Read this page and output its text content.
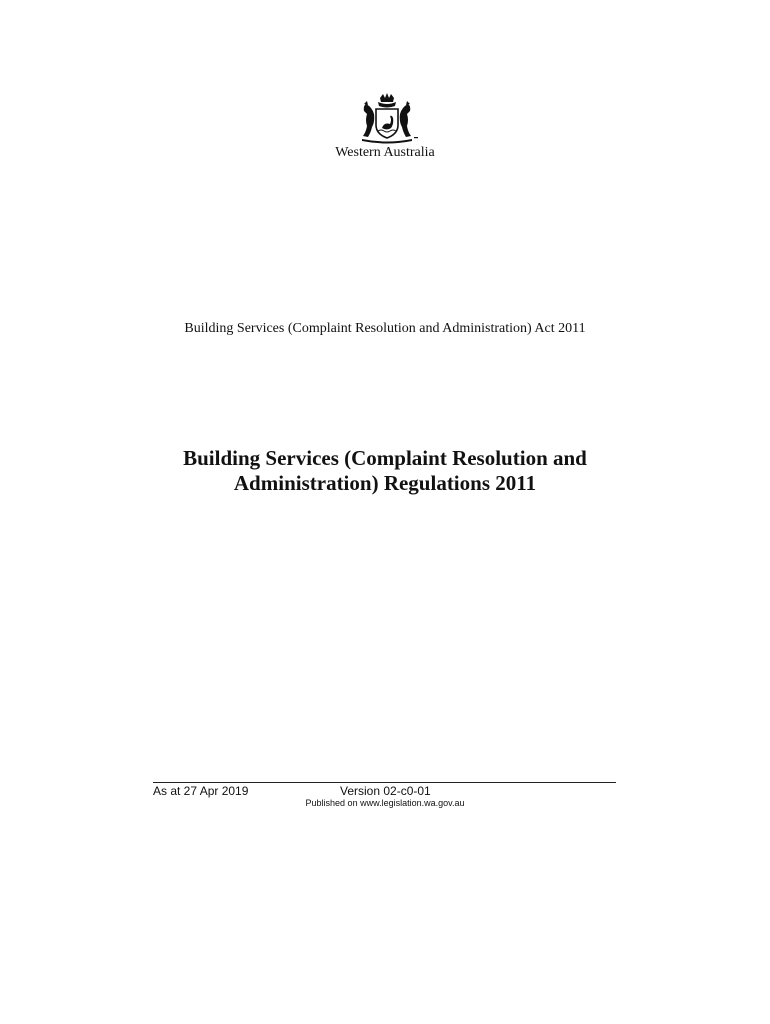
Western Australia
Building Services (Complaint Resolution and Administration) Act 2011
Building Services (Complaint Resolution and
Administration) Regulations 2011
As at 27 Apr 2019	Version 02-c0-01
Published on www.legislation.wa.gov.au
